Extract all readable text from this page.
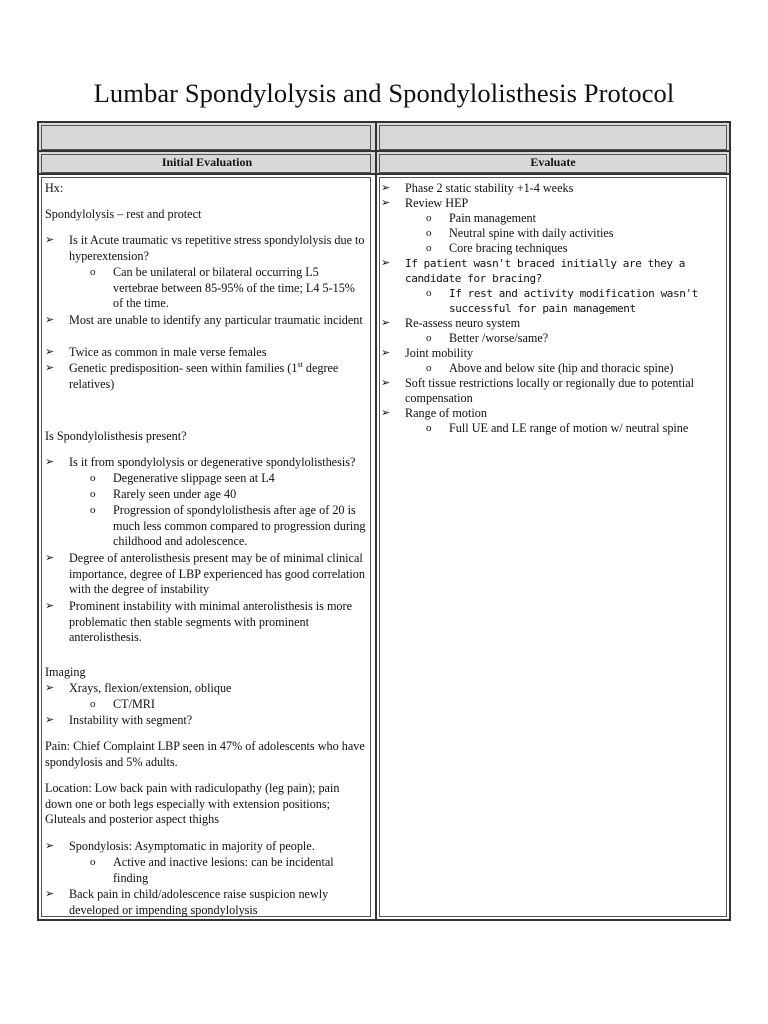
Lumbar Spondylolysis and Spondylolisthesis Protocol
Initial Evaluation	Evaluate
Hx:
Spondylolysis – rest and protect
➢ Is it Acute traumatic vs repetitive stress spondylolysis due to hyperextension?
o Can be unilateral or bilateral occurring L5 vertebrae between 85-95% of the time; L4 5-15% of the time.
➢ Most are unable to identify any particular traumatic incident
➢ Twice as common in male verse females
➢ Genetic predisposition- seen within families (1st degree relatives)
Is Spondylolisthesis present?
➢ Is it from spondylolysis or degenerative spondylolisthesis?
o Degenerative slippage seen at L4
o Rarely seen under age 40
o Progression of spondylolisthesis after age of 20 is much less common compared to progression during childhood and adolescence.
➢ Degree of anterolisthesis present may be of minimal clinical importance, degree of LBP experienced has good correlation with the degree of instability
➢ Prominent instability with minimal anterolisthesis is more problematic then stable segments with prominent anterolisthesis.
Imaging
➢ Xrays, flexion/extension, oblique
o CT/MRI
➢ Instability with segment?
Pain: Chief Complaint LBP seen in 47% of adolescents who have spondylosis and 5% adults.
Location: Low back pain with radiculopathy (leg pain); pain down one or both legs especially with extension positions; Gluteals and posterior aspect thighs
➢ Spondylosis: Asymptomatic in majority of people.
o Active and inactive lesions: can be incidental finding
➢ Back pain in child/adolescence raise suspicion newly developed or impending spondylolysis
➢ Phase 2 static stability +1-4 weeks
➢ Review HEP
o Pain management
o Neutral spine with daily activities
o Core bracing techniques
➢ If patient wasn't braced initially are they a candidate for bracing?
o If rest and activity modification wasn't successful for pain management
➢ Re-assess neuro system
o Better /worse/same?
➢ Joint mobility
o Above and below site (hip and thoracic spine)
➢ Soft tissue restrictions locally or regionally due to potential compensation
➢ Range of motion
o Full UE and LE range of motion w/ neutral spine
